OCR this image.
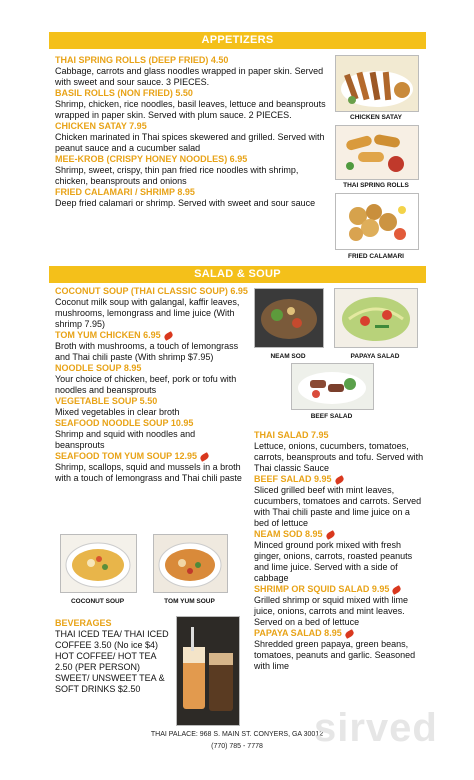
APPETIZERS
THAI SPRING ROLLS (DEEP FRIED) 4.50
Cabbage, carrots and glass noodles wrapped in paper skin. Served with sweet and sour sauce. 3 PIECES.
BASIL ROLLS (NON FRIED) 5.50
Shrimp, chicken, rice noodles, basil leaves, lettuce and beansprouts wrapped in paper skin. Served with plum sauce. 2 PIECES.
CHICKEN SATAY 7.95
Chicken marinated in Thai spices skewered and grilled. Served with peanut sauce and a cucumber salad
MEE-KROB (CRISPY HONEY NOODLES) 6.95
Shrimp, sweet, crispy, thin pan fried rice noodles with shrimp, chicken, beansprouts and onions
FRIED CALAMARI / SHRIMP 8.95
Deep fried calamari or shrimp. Served with sweet and sour sauce
CHICKEN SATAY
THAI SPRING ROLLS
FRIED CALAMARI
SALAD & SOUP
COCONUT SOUP (THAI CLASSIC SOUP) 6.95
Coconut milk soup with galangal, kaffir leaves, mushrooms, lemongrass and lime juice (With shrimp 7.95)
TOM YUM CHICKEN 6.95
Broth with mushrooms, a touch of lemongrass and Thai chili paste (With shrimp $7.95)
NOODLE SOUP 8.95
Your choice of chicken, beef, pork or tofu with noodles and beansprouts
VEGETABLE SOUP 5.50
Mixed vegetables in clear broth
SEAFOOD NOODLE SOUP 10.95
Shrimp and squid with noodles and beansprouts
SEAFOOD TOM YUM SOUP 12.95
Shrimp, scallops, squid and mussels in a broth with a touch of lemongrass and Thai chili paste
NEAM SOD	PAPAYA SALAD
BEEF SALAD
THAI SALAD 7.95
Lettuce, onions, cucumbers, tomatoes, carrots, beansprouts and tofu. Served with Thai classic Sauce
BEEF SALAD 9.95
Sliced grilled beef with mint leaves, cucumbers, tomatoes and carrots. Served with Thai chili paste and lime juice on a bed of lettuce
NEAM SOD 8.95
Minced ground pork mixed with fresh ginger, onions, carrots, roasted peanuts and lime juice. Served with a side of cabbage
SHRIMP OR SQUID SALAD 9.95
Grilled shrimp or squid mixed with lime juice, onions, carrots and mint leaves. Served on a bed of lettuce
PAPAYA SALAD 8.95
Shredded green papaya, green beans, tomatoes, peanuts and garlic. Seasoned with lime
COCONUT SOUP	TOM YUM SOUP
BEVERAGES
THAI ICED TEA/ THAI ICED COFFEE 3.50 (No ice $4) HOT COFFEE/ HOT TEA 2.50 (PER PERSON) SWEET/ UNSWEET TEA & SOFT DRINKS $2.50
THAI PALACE: 968 S. MAIN ST. CONYERS, GA 30012
(770) 785 - 7778	sirved
